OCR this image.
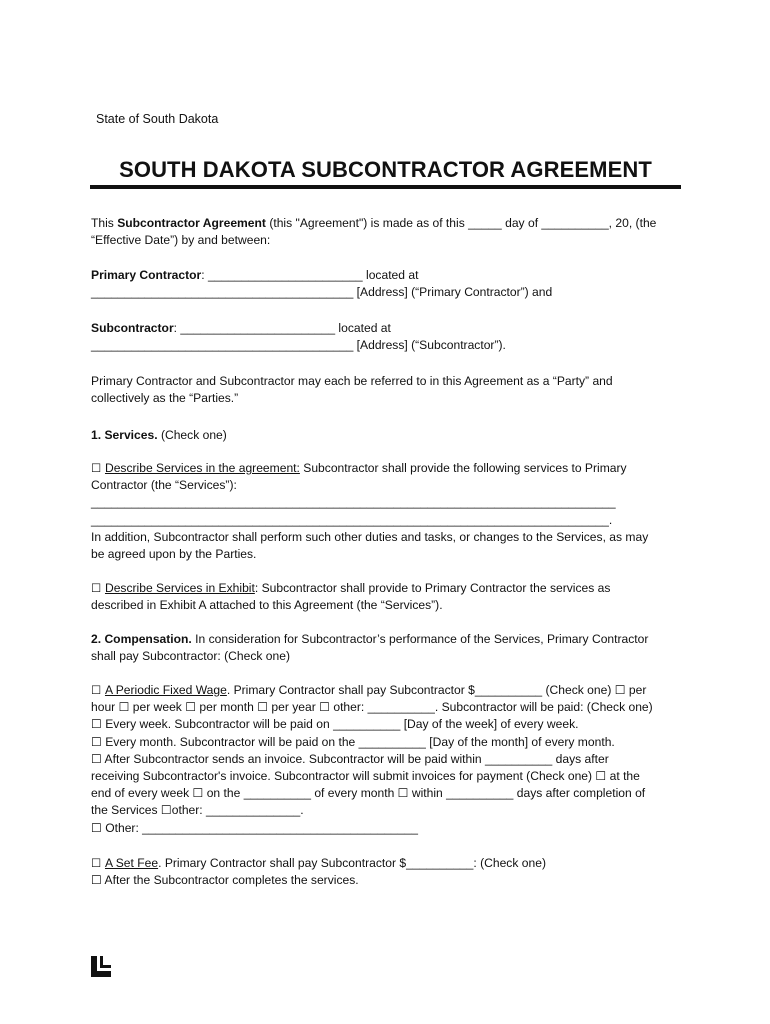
State of South Dakota
SOUTH DAKOTA SUBCONTRACTOR AGREEMENT
This Subcontractor Agreement (this "Agreement") is made as of this _____ day of __________, 20, (the
“Effective Date”) by and between:
Primary Contractor: _______________________ located at
_______________________________________ [Address] (“Primary Contractor”) and
Subcontractor: _______________________ located at
_______________________________________ [Address] (“Subcontractor”).
Primary Contractor and Subcontractor may each be referred to in this Agreement as a “Party” and
collectively as the “Parties.”
1. Services. (Check one)
☐ Describe Services in the agreement: Subcontractor shall provide the following services to Primary
Contractor (the “Services”):
______________________________________________________________________________
_____________________________________________________________________________.
In addition, Subcontractor shall perform such other duties and tasks, or changes to the Services, as may
be agreed upon by the Parties.
☐ Describe Services in Exhibit: Subcontractor shall provide to Primary Contractor the services as
described in Exhibit A attached to this Agreement (the “Services”).
2. Compensation. In consideration for Subcontractor’s performance of the Services, Primary Contractor
shall pay Subcontractor: (Check one)
☐ A Periodic Fixed Wage. Primary Contractor shall pay Subcontractor $__________ (Check one) ☐ per
hour ☐ per week ☐ per month ☐ per year ☐ other: __________. Subcontractor will be paid: (Check one)
☐ Every week. Subcontractor will be paid on __________ [Day of the week] of every week.
☐ Every month. Subcontractor will be paid on the __________ [Day of the month] of every month.
☐ After Subcontractor sends an invoice. Subcontractor will be paid within __________ days after
receiving Subcontractor's invoice. Subcontractor will submit invoices for payment (Check one) ☐ at the
end of every week ☐ on the __________ of every month ☐ within __________ days after completion of
the Services ☐other: ______________.
☐ Other: _________________________________________
☐ A Set Fee. Primary Contractor shall pay Subcontractor $__________: (Check one)
☐ After the Subcontractor completes the services.
